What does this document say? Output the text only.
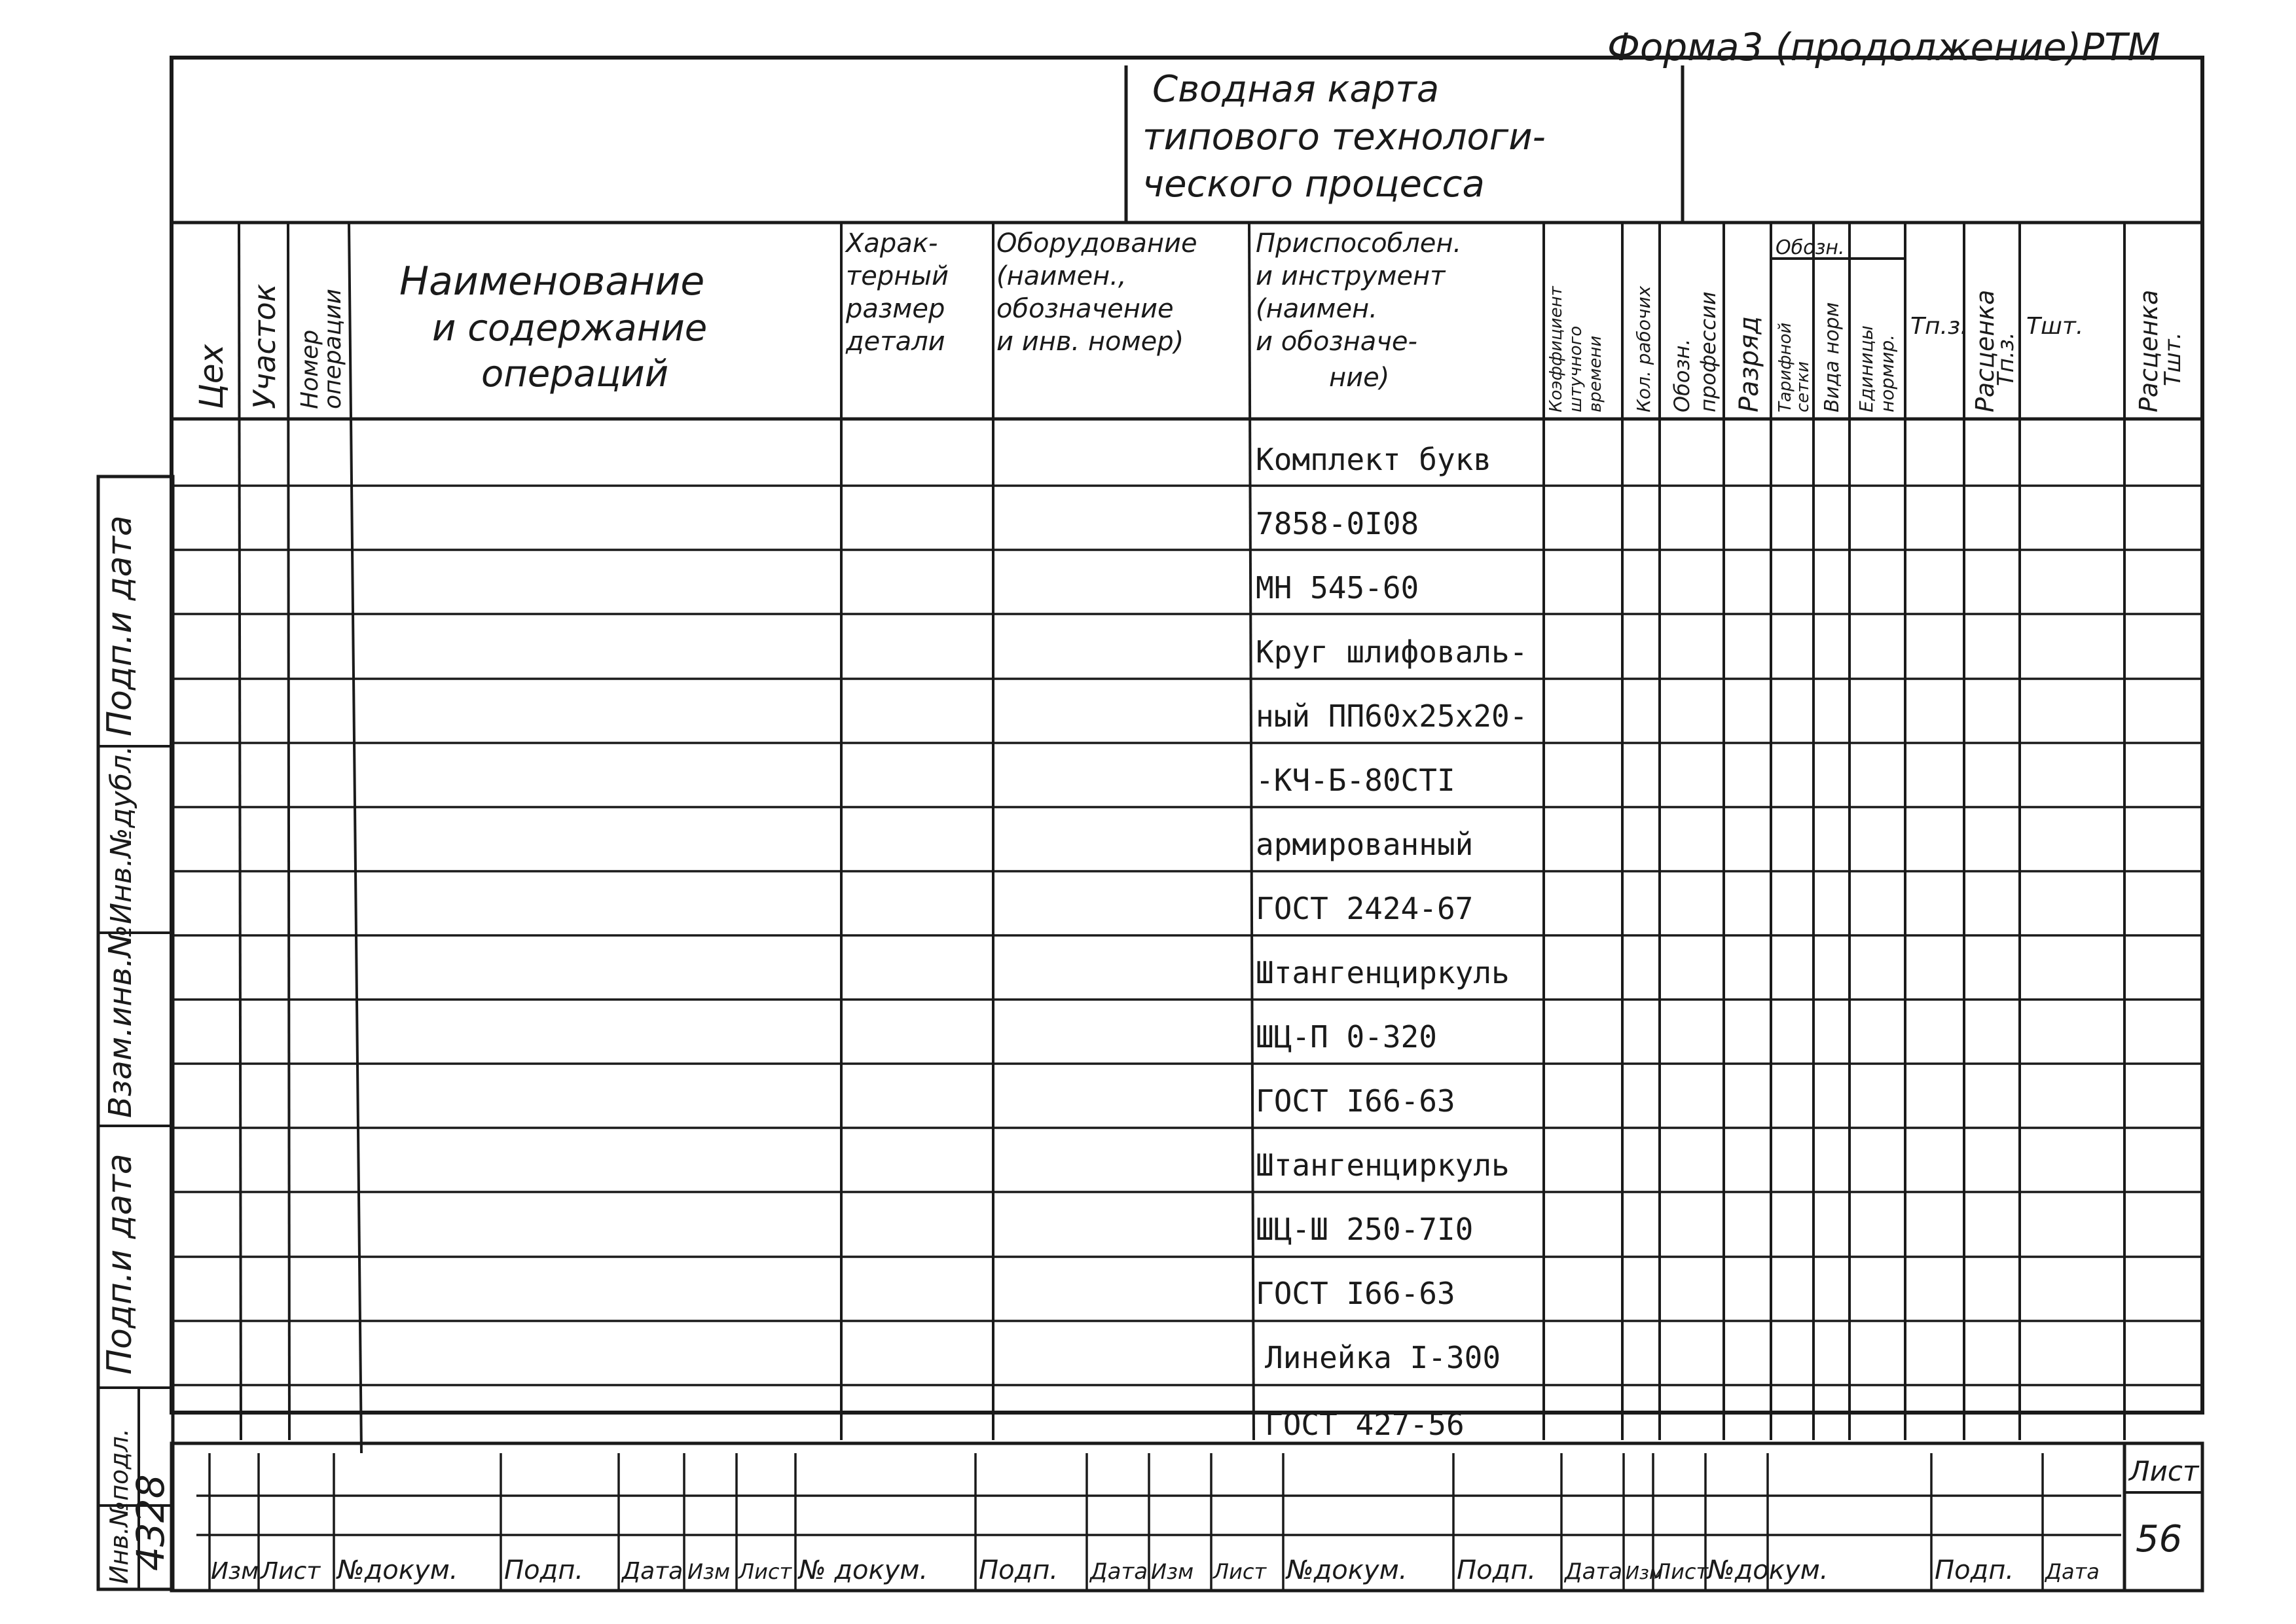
Форма3 (продолжение)РТМ
Сводная карта
типового технологи-
ческого процесса
Цех Участок Номер
операции
Наименование
и содержание
операций
Харак-
терный
размер
детали
Оборудование
(наимен.,
обозначение
и инв. номер)
Приспособлен.
и инструмент
(наимен.
и обозначе-
ние)	Коэффициент штучного времени Кол. рабочих Обозн. профессии Разряд
Обозн.
Тарифной
сетки Вида норм Единицы нормир.
Тп.з. Расценка
Тп.з.
Тшт. Расценка
Тшт.
Комплект букв
7858-0I08
МН 545-60
Круг шлифоваль-
ный ПП60х25х20-
-КЧ-Б-80СТI
армированный
ГОСТ 2424-67
Штангенциркуль
ШЦ-П 0-320
ГОСТ I66-63
Штангенциркуль
ШЦ-Ш 250-7I0
ГОСТ I66-63
Линейка I-300
ГОСТ 427-56
Подп.и дата
Инв.№дубл.
Взам.инв.№
Подп.и дата
Инв.№подл.
4328
Изм Лист №докум. Подп. Дата Изм Лист № докум. Подп. Дата Изм Лист №докум. Подп. Дата Изм
Лист
№докум.	Подп. Дата
Лист
56
